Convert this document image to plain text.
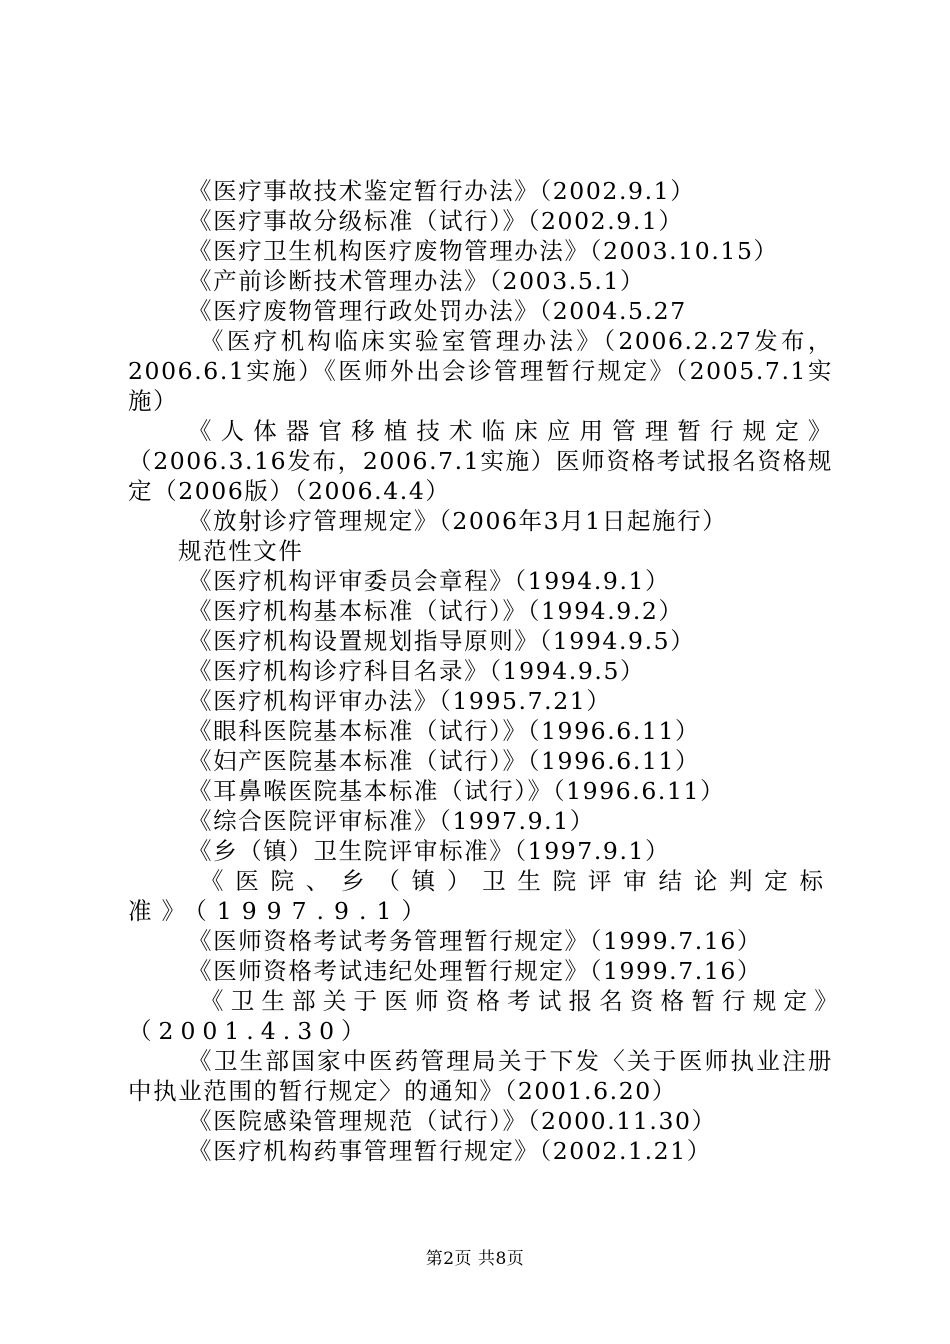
《医疗事故技术鉴定暂行办法》（2002.9.1）

《医疗事故分级标准（试行）》（2002.9.1）

《医疗卫生机构医疗废物管理办法》（2003.10.15）

《产前诊断技术管理办法》（2003.5.1）

《医疗废物管理行政处罚办法》（2004.5.27

《医疗机构临床实验室管理办法》（2006.2.27发布，2006.6.1实施）《医师外出会诊管理暂行规定》（2005.7.1实施）

《人体器官移植技术临床应用管理暂行规定》（2006.3.16发布，2006.7.1实施）医师资格考试报名资格规定（2006版）（2006.4.4）

《放射诊疗管理规定》（2006年3月1日起施行）

规范性文件

《医疗机构评审委员会章程》（1994.9.1）

《医疗机构基本标准（试行）》（1994.9.2）

《医疗机构设置规划指导原则》（1994.9.5）

《医疗机构诊疗科目名录》（1994.9.5）

《医疗机构评审办法》（1995.7.21）

《眼科医院基本标准（试行）》（1996.6.11）

《妇产医院基本标准（试行）》（1996.6.11）

《耳鼻喉医院基本标准（试行）》（1996.6.11）

《综合医院评审标准》（1997.9.1）

《乡（镇）卫生院评审标准》（1997.9.1）

《医院、乡（镇）卫生院评审结论判定标准》（1997.9.1）

《医师资格考试考务管理暂行规定》（1999.7.16）

《医师资格考试违纪处理暂行规定》（1999.7.16）

《卫生部关于医师资格考试报名资格暂行规定》（2001.4.30）

《卫生部国家中医药管理局关于下发〈关于医师执业注册中执业范围的暂行规定〉的通知》（2001.6.20）

《医院感染管理规范（试行）》（2000.11.30）

《医疗机构药事管理暂行规定》（2002.1.21）

第2页 共8页
